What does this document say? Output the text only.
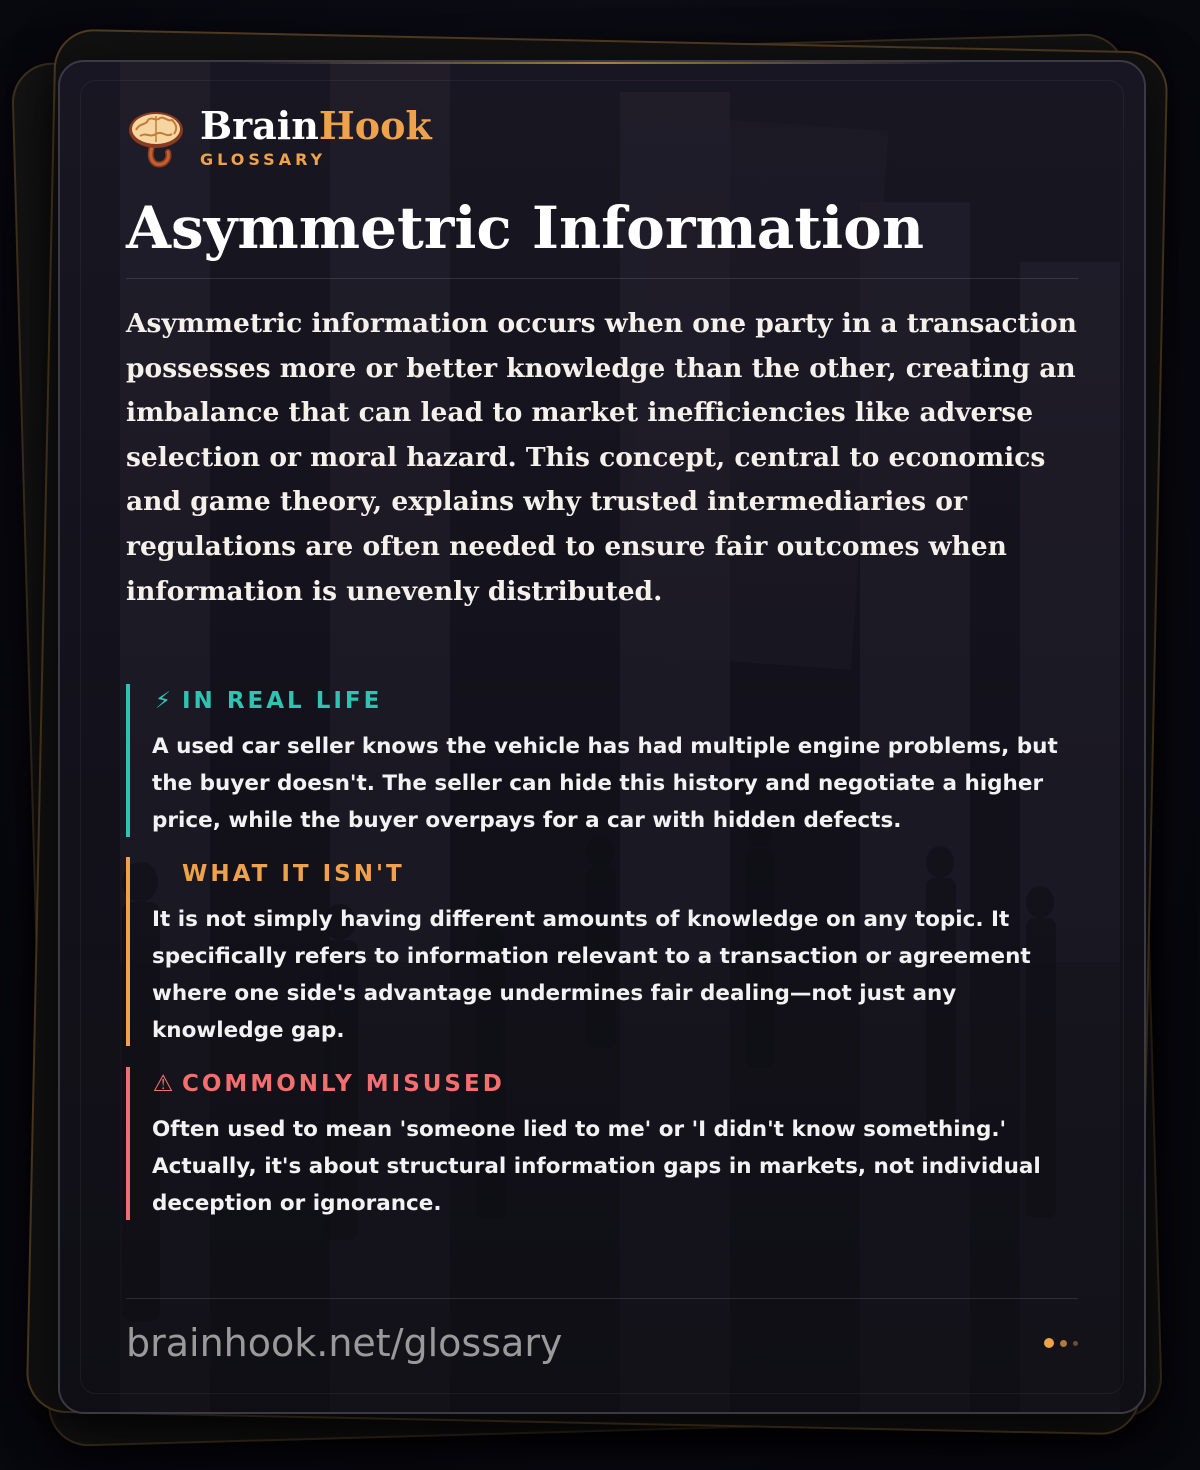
BrainHook
GLOSSARY
Asymmetric Information

Asymmetric information occurs when one party in a transaction possesses more or better knowledge than the other, creating an imbalance that can lead to market inefficiencies like adverse selection or moral hazard. This concept, central to economics and game theory, explains why trusted intermediaries or regulations are often needed to ensure fair outcomes when information is unevenly distributed.

⚡ IN REAL LIFE
A used car seller knows the vehicle has had multiple engine problems, but the buyer doesn't. The seller can hide this history and negotiate a higher price, while the buyer overpays for a car with hidden defects.
WHAT IT ISN'T
It is not simply having different amounts of knowledge on any topic. It specifically refers to information relevant to a transaction or agreement where one side's advantage undermines fair dealing—not just any knowledge gap.
⚠ COMMONLY MISUSED
Often used to mean 'someone lied to me' or 'I didn't know something.' Actually, it's about structural information gaps in markets, not individual deception or ignorance.
brainhook.net/glossary
